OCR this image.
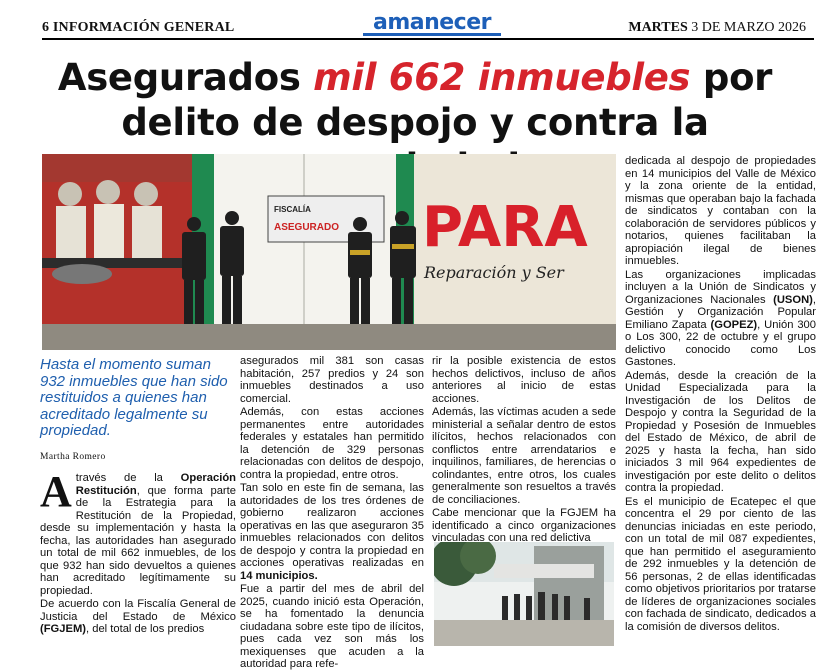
6 INFORMACIÓN GENERAL	amanecer	MARTES 3 DE MARZO 2026
Asegurados mil 662 inmuebles por delito de despojo y contra la
FISCALÍA
ASEGURADO PARA
Reparación y Ser
Hasta el momento suman 932 inmuebles que han sido restituidos a quienes han acreditado legalmente su propiedad.
Martha Romero

Através de la Operación Restitución, que forma parte de la Estrategia para la Restitución de la Propiedad, desde su implementación y hasta la fecha, las autoridades han asegurado un total de mil 662 inmuebles, de los que 932 han sido devueltos a quienes han acreditado legítimamente su propiedad.

De acuerdo con la Fiscalía General de Justicia del Estado de México (FGJEM), del total de los predios

asegurados mil 381 son casas habitación, 257 predios y 24 son inmuebles destinados a uso comercial.

Además, con estas acciones permanentes entre autoridades federales y estatales han permitido la detención de 329 personas relacionadas con delitos de despojo, contra la propiedad, entre otros.

Tan solo en este fin de semana, las autoridades de los tres órdenes de gobierno realizaron acciones operativas en las que aseguraron 35 inmuebles relacionados con delitos de despojo y contra la propiedad en acciones operativas realizadas en 14 municipios.

Fue a partir del mes de abril del 2025, cuando inició esta Operación, se ha fomentado la denuncia ciudadana sobre este tipo de ilícitos, pues cada vez son más los mexiquenses que acuden a la autoridad para refe-

rir la posible existencia de estos hechos delictivos, incluso de años anteriores al inicio de estas acciones.

Además, las víctimas acuden a sede ministerial a señalar dentro de estos ilícitos, hechos relacionados con conflictos entre arrendatarios e inquilinos, familiares, de herencias o colindantes, entre otros, los cuales generalmente son resueltos a través de conciliaciones.

Cabe mencionar que la FGJEM ha identificado a cinco organizaciones vinculadas con una red delictiva

dedicada al despojo de propiedades en 14 municipios del Valle de México y la zona oriente de la entidad, mismas que operaban bajo la fachada de sindicatos y contaban con la colaboración de servidores públicos y notarios, quienes facilitaban la apropiación ilegal de bienes inmuebles.

Las organizaciones implicadas incluyen a la Unión de Sindicatos y Organizaciones Nacionales (USON), Gestión y Organización Popular Emiliano Zapata (GOPEZ), Unión 300 o Los 300, 22 de octubre y el grupo delictivo conocido como Los Gastones.

Además, desde la creación de la Unidad Especializada para la Investigación de los Delitos de Despojo y contra la Seguridad de la Propiedad y Posesión de Inmuebles del Estado de México, de abril de 2025 y hasta la fecha, han sido iniciados 3 mil 964 expedientes de investigación por este delito o delitos contra la propiedad.

Es el municipio de Ecatepec el que concentra el 29 por ciento de las denuncias iniciadas en este periodo, con un total de mil 087 expedientes, que han permitido el aseguramiento de 292 inmuebles y la detención de 56 personas, 2 de ellas identificadas como objetivos prioritarios por tratarse de líderes de organizaciones sociales con fachada de sindicato, dedicados a la comisión de diversos delitos.
